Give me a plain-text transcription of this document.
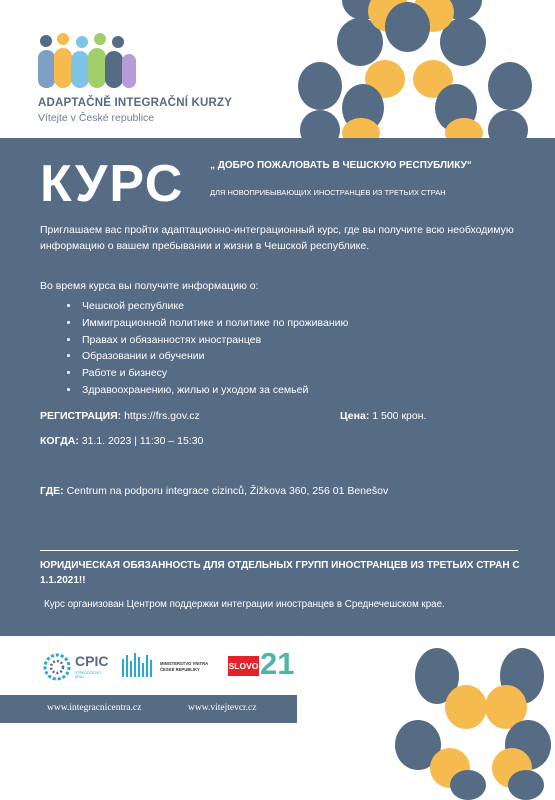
ADAPTAČNĚ INTEGRAČNÍ KURZY
Vítejte v České republice
КУРС	„ ДОБРО ПОЖАЛОВАТЬ В ЧЕШСКУЮ РЕСПУБЛИКУ“
ДЛЯ НОВОПРИБЫВАЮЩИХ ИНОСТРАНЦЕВ ИЗ ТРЕТЬИХ СТРАН
Приглашаем вас пройти адаптационно-интеграционный курс, где вы получите всю необходимую информацию о вашем пребывании и жизни в Чешской республике.
Во время курса вы получите информацию о:
• Чешской республике
• Иммиграционной политике и политике по проживанию
• Правах и обязанностях иностранцев
• Образовании и обучении
• Работе и бизнесу
• Здравоохранению, жилью и уходом за семьей
РЕГИСТРАЦИЯ: https://frs.gov.cz	Цена: 1 500 крон.
КОГДА: 31.1. 2023 | 11:30 – 15:30
ГДЕ: Centrum na podporu integrace cizinců, Žižkova 360, 256 01 Benešov
ЮРИДИЧЕСКАЯ ОБЯЗАННОСТЬ ДЛЯ ОТДЕЛЬНЫХ ГРУПП ИНОСТРАНЦЕВ ИЗ ТРЕТЬИХ СТРАН С 1.1.2021!!
Курс организован Центром поддержки интеграции иностранцев в Среднечешском крае.
CPIC
STŘEDOČESKÝ KRAJ
MINISTERSTVO VNITRA
ČESKÉ REPUBLIKY	SLOVO 21
www.integracnicentra.cz	www.vitejtevcr.cz
